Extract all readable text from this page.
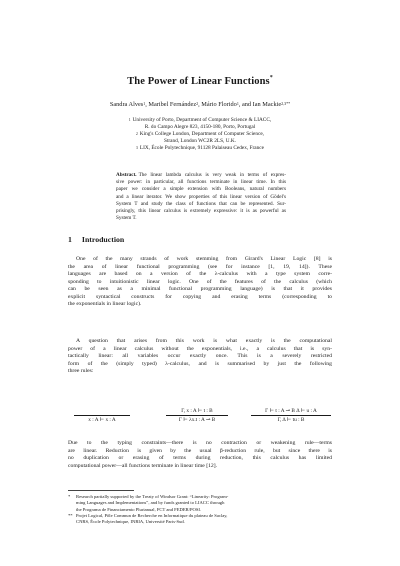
The Power of Linear Functions*
Sandra Alves$^1$, Maribel Fernández$^2$, Mário Florido$^1$, and Ian Mackie$^{2,3**}$
$^1$ University of Porto, Department of Computer Science & LIACC,
R. do Campo Alegre 823, 4150-180, Porto, Portugal
$^2$ King's College London, Department of Computer Science,
Strand, London WC2R 2LS, U.K.
$^3$ LIX, École Polytechnique, 91128 Palaiseau Cedex, France
Abstract. The linear lambda calculus is very weak in terms of expres-
sive power: in particular, all functions terminate in linear time. In this
paper we consider a simple extension with Booleans, natural numbers
and a linear iterator. We show properties of this linear version of Gödel's
System T and study the class of functions that can be represented. Sur-
prisingly, this linear calculus is extremely expressive: it is as powerful as
System T.
1 Introduction
One of the many strands of work stemming from Girard's Linear Logic [8] is
the area of linear functional programming (see for instance [1, 19, 14]). These
languages are based on a version of the λ-calculus with a type system corre-
sponding to intuitionistic linear logic. One of the features of the calculus (which
can be seen as a minimal functional programming language) is that it provides
explicit syntactical constructs for copying and erasing terms (corresponding to
the exponentials in linear logic).
A question that arises from this work is what exactly is the computational
power of a linear calculus without the exponentials, i.e., a calculus that is syn-
tactically linear: all variables occur exactly once. This is a severely restricted
form of the (simply typed) λ-calculus, and is summarised by just the following
three rules:
x : A ⊢ x : A
Γ, x : A ⊢ t : B
Γ ⊢ λx.t : A ⊸ B
Γ ⊢ t : A ⊸ B Δ ⊢ u : A
Γ, Δ ⊢ tu : B
Due to the typing constraints—there is no contraction or weakening rule—terms
are linear. Reduction is given by the usual β-reduction rule, but since there is
no duplication or erasing of terms during reduction, this calculus has limited
computational power—all functions terminate in linear time [12].
* Research partially supported by the Treaty of Windsor Grant: “Linearity: Program-
ming Languages and Implementations”, and by funds granted to LIACC through
the Programa de Financiamento Plurianual, FCT and FEDER/POSI.
** Projet Logical, Pôle Commun de Recherche en Informatique du plateau de Saclay,
CNRS, École Polytechnique, INRIA, Université Paris-Sud.
